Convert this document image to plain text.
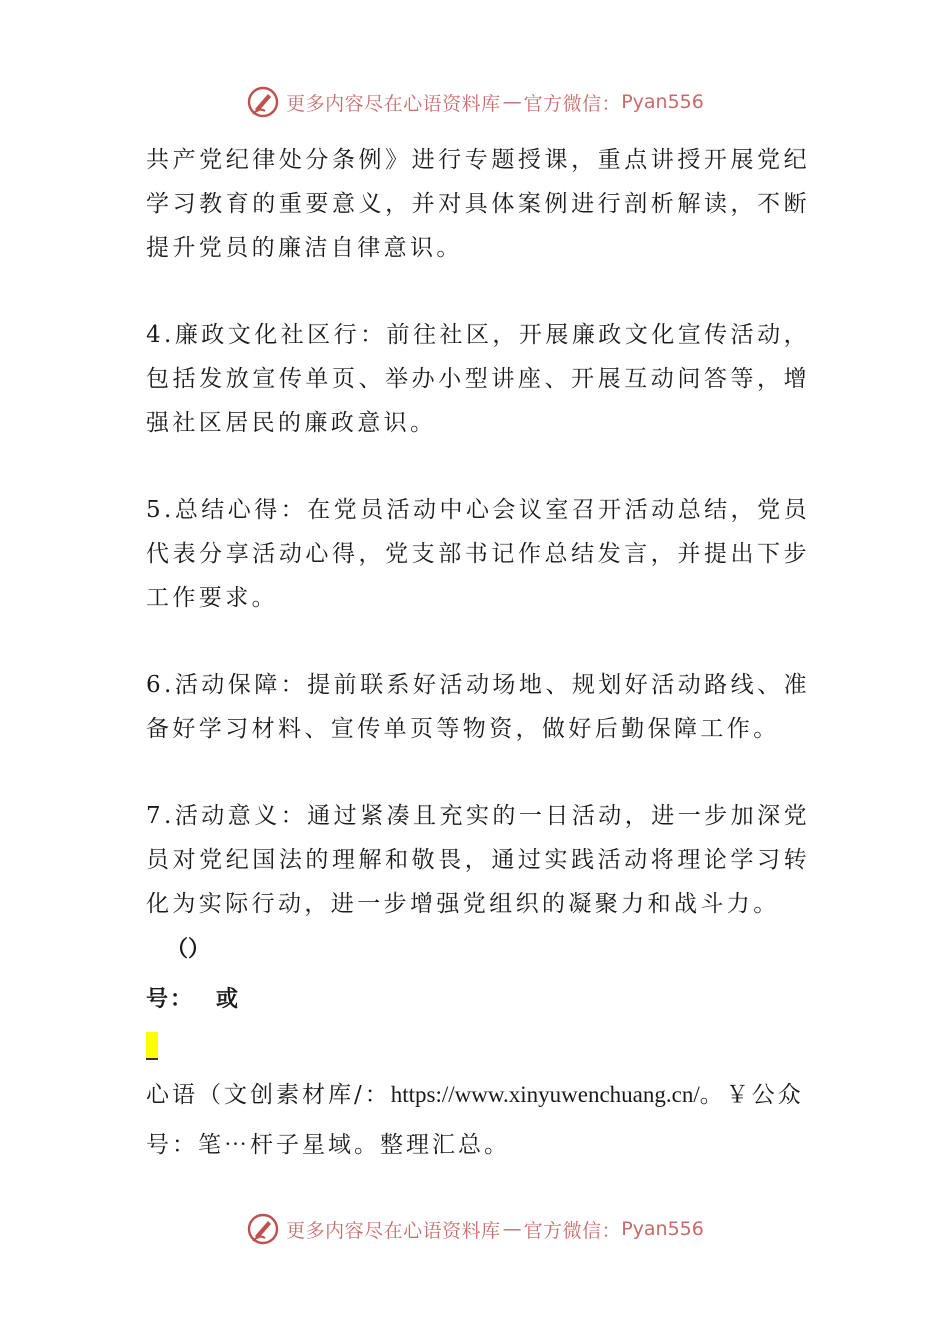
更多内容尽在心语资料库 — 官方微信： Pyan556

共产党纪律处分条例》进行专题授课，重点讲授开展党纪学习教育的重要意义，并对具体案例进行剖析解读，不断提升党员的廉洁自律意识。

4.廉政文化社区行：前往社区，开展廉政文化宣传活动，包括发放宣传单页、举办小型讲座、开展互动问答等，增强社区居民的廉政意识。

5.总结心得：在党员活动中心会议室召开活动总结，党员代表分享活动心得，党支部书记作总结发言，并提出下步工作要求。

6.活动保障：提前联系好活动场地、规划好活动路线、准备好学习材料、宣传单页等物资，做好后勤保障工作。

7.活动意义：通过紧凑且充实的一日活动，进一步加深党员对党纪国法的理解和敬畏，通过实践活动将理论学习转化为实际行动，进一步增强党组织的凝聚力和战斗力。

（）
号： 或
心语（文创素材库/：https://www.xinyuwenchuang.cn/。￥公众号：笔⋯杆子星域。整理汇总。
更多内容尽在心语资料库 — 官方微信： Pyan556
